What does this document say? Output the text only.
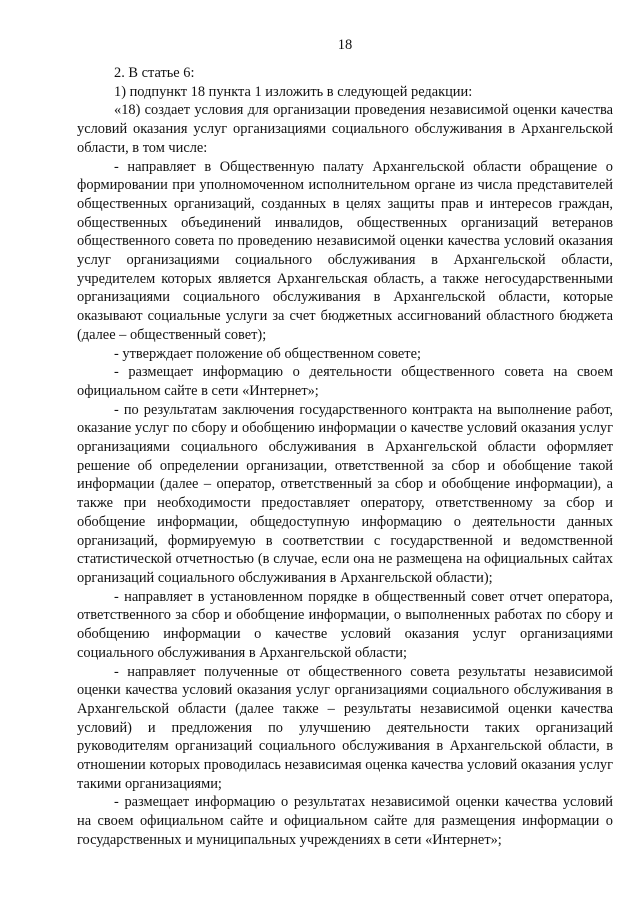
18

2. В статье 6:

1) подпункт 18 пункта 1 изложить в следующей редакции:

«18) создает условия для организации проведения независимой оценки качества условий оказания услуг организациями социального обслуживания в Архангельской области, в том числе:

- направляет в Общественную палату Архангельской области обращение о формировании при уполномоченном исполнительном органе из числа представителей общественных организаций, созданных в целях защиты прав и интересов граждан, общественных объединений инвалидов, общественных организаций ветеранов общественного совета по проведению независимой оценки качества условий оказания услуг организациями социального обслуживания в Архангельской области, учредителем которых является Архангельская область, а также негосударственными организациями социального обслуживания в Архангельской области, которые оказывают социальные услуги за счет бюджетных ассигнований областного бюджета (далее – общественный совет);

- утверждает положение об общественном совете;

- размещает информацию о деятельности общественного совета на своем официальном сайте в сети «Интернет»;

- по результатам заключения государственного контракта на выполнение работ, оказание услуг по сбору и обобщению информации о качестве условий оказания услуг организациями социального обслуживания в Архангельской области оформляет решение об определении организации, ответственной за сбор и обобщение такой информации (далее – оператор, ответственный за сбор и обобщение информации), а также при необходимости предоставляет оператору, ответственному за сбор и обобщение информации, общедоступную информацию о деятельности данных организаций, формируемую в соответствии с государственной и ведомственной статистической отчетностью (в случае, если она не размещена на официальных сайтах организаций социального обслуживания в Архангельской области);

- направляет в установленном порядке в общественный совет отчет оператора, ответственного за сбор и обобщение информации, о выполненных работах по сбору и обобщению информации о качестве условий оказания услуг организациями социального обслуживания в Архангельской области;

- направляет полученные от общественного совета результаты независимой оценки качества условий оказания услуг организациями социального обслуживания в Архангельской области (далее также – результаты независимой оценки качества условий) и предложения по улучшению деятельности таких организаций руководителям организаций социального обслуживания в Архангельской области, в отношении которых проводилась независимая оценка качества условий оказания услуг такими организациями;

- размещает информацию о результатах независимой оценки качества условий на своем официальном сайте и официальном сайте для размещения информации о государственных и муниципальных учреждениях в сети «Интернет»;
